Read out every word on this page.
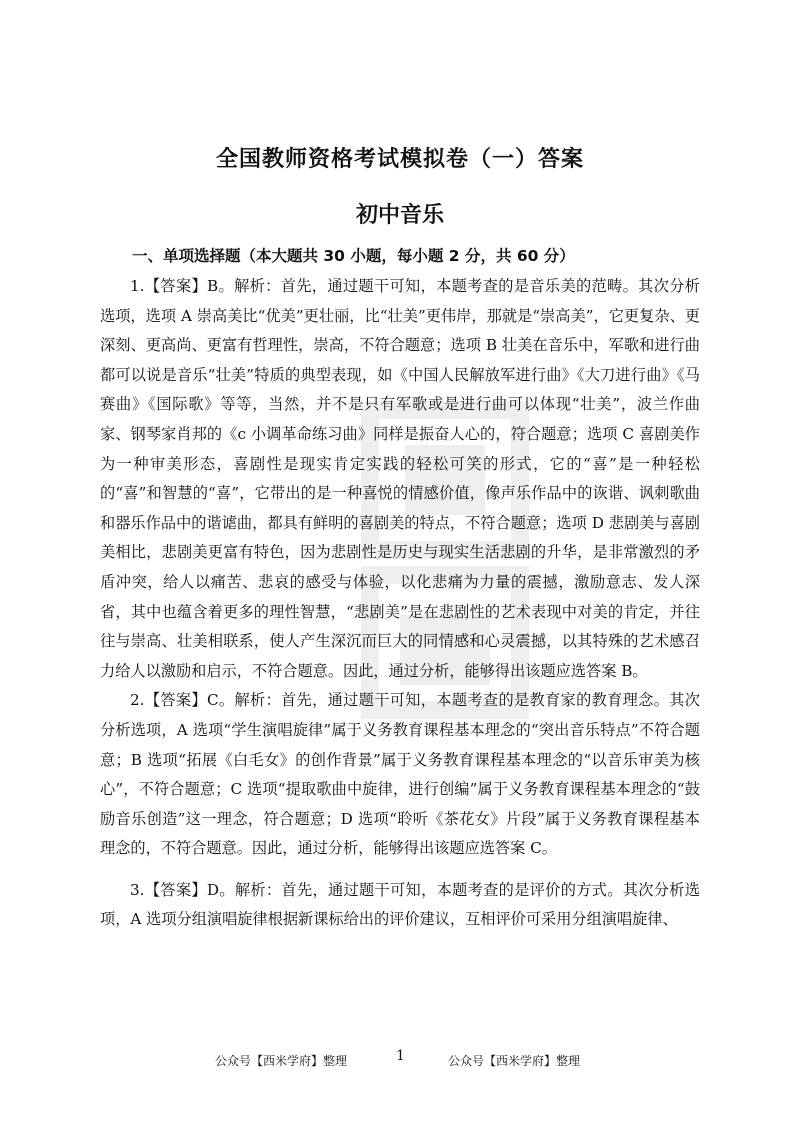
全国教师资格考试模拟卷（一）答案
初中音乐
一、单项选择题（本大题共 30 小题，每小题 2 分，共 60 分）

1.【答案】B。解析：首先，通过题干可知，本题考查的是音乐美的范畴。其次分析选项，选项 A 崇高美比“优美”更壮丽，比“壮美”更伟岸，那就是“崇高美”，它更复杂、更深刻、更高尚、更富有哲理性，崇高，不符合题意；选项 B 壮美在音乐中，军歌和进行曲都可以说是音乐“壮美”特质的典型表现，如《中国人民解放军进行曲》《大刀进行曲》《马赛曲》《国际歌》等等，当然，并不是只有军歌或是进行曲可以体现“壮美”，波兰作曲家、钢琴家肖邦的《c 小调革命练习曲》同样是振奋人心的，符合题意；选项 C 喜剧美作为一种审美形态，喜剧性是现实肯定实践的轻松可笑的形式，它的“喜”是一种轻松的“喜”和智慧的“喜”，它带出的是一种喜悦的情感价值，像声乐作品中的诙谐、讽刺歌曲和器乐作品中的谐谑曲，都具有鲜明的喜剧美的特点，不符合题意；选项 D 悲剧美与喜剧美相比，悲剧美更富有特色，因为悲剧性是历史与现实生活悲剧的升华，是非常激烈的矛盾冲突，给人以痛苦、悲哀的感受与体验，以化悲痛为力量的震撼，激励意志、发人深省，其中也蕴含着更多的理性智慧，“悲剧美”是在悲剧性的艺术表现中对美的肯定，并往往与崇高、壮美相联系，使人产生深沉而巨大的同情感和心灵震撼，以其特殊的艺术感召力给人以激励和启示，不符合题意。因此，通过分析，能够得出该题应选答案 B。

2.【答案】C。解析：首先，通过题干可知，本题考查的是教育家的教育理念。其次分析选项，A 选项“学生演唱旋律”属于义务教育课程基本理念的“突出音乐特点”不符合题意；B 选项“拓展《白毛女》的创作背景”属于义务教育课程基本理念的“以音乐审美为核心”，不符合题意；C 选项“提取歌曲中旋律，进行创编”属于义务教育课程基本理念的“鼓励音乐创造”这一理念，符合题意；D 选项“聆听《茶花女》片段”属于义务教育课程基本理念的，不符合题意。因此，通过分析，能够得出该题应选答案 C。

3.【答案】D。解析：首先，通过题干可知，本题考查的是评价的方式。其次分析选项，A 选项分组演唱旋律根据新课标给出的评价建议，互相评价可采用分组演唱旋律、

公众号【西米学府】整理	1	公众号【西米学府】整理
